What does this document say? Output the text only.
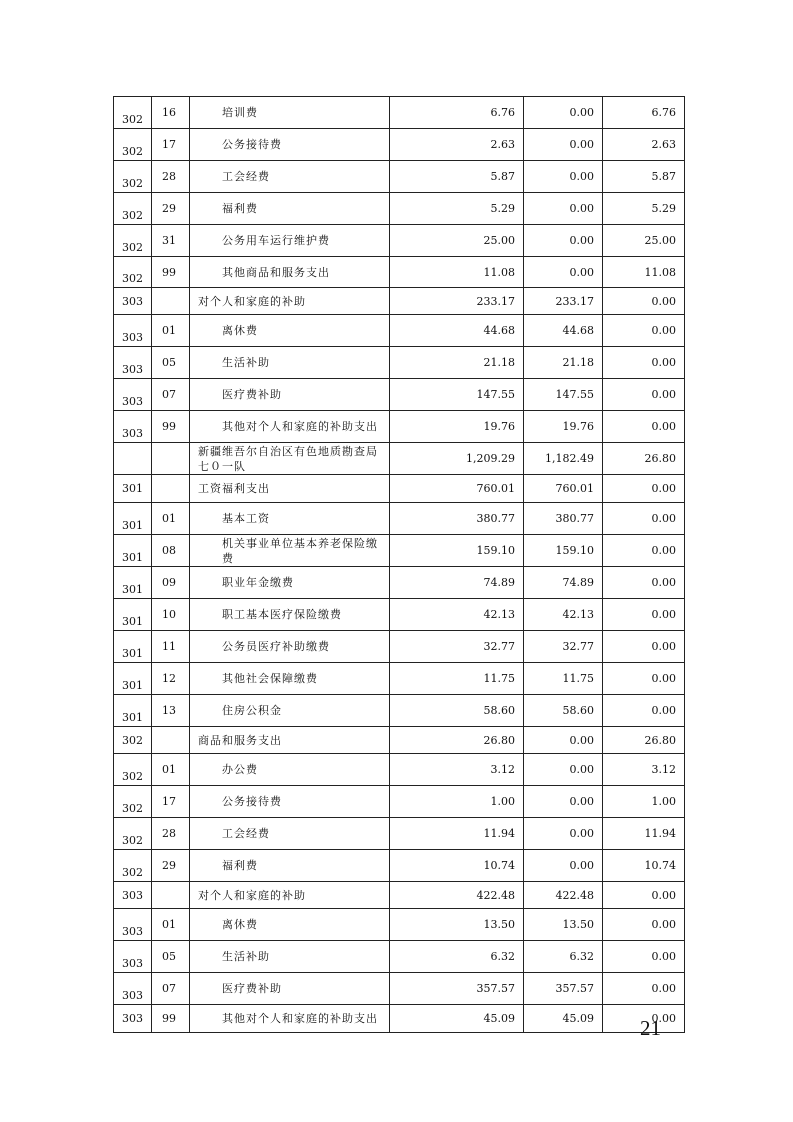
302	16	培训费	6.76	0.00	6.76
302	17	公务接待费	2.63	0.00	2.63
302	28	工会经费	5.87	0.00	5.87
302	29	福利费	5.29	0.00	5.29
302	31	公务用车运行维护费	25.00	0.00	25.00
302	99	其他商品和服务支出	11.08	0.00	11.08
303		对个人和家庭的补助	233.17	233.17	0.00
303	01	离休费	44.68	44.68	0.00
303	05	生活补助	21.18	21.18	0.00
303	07	医疗费补助	147.55	147.55	0.00
303	99	其他对个人和家庭的补助支出	19.76	19.76	0.00
		新疆维吾尔自治区有色地质勘查局七０一队	1,209.29	1,182.49	26.80
301		工资福利支出	760.01	760.01	0.00
301	01	基本工资	380.77	380.77	0.00
301	08	机关事业单位基本养老保险缴费	159.10	159.10	0.00
301	09	职业年金缴费	74.89	74.89	0.00
301	10	职工基本医疗保险缴费	42.13	42.13	0.00
301	11	公务员医疗补助缴费	32.77	32.77	0.00
301	12	其他社会保障缴费	11.75	11.75	0.00
301	13	住房公积金	58.60	58.60	0.00
302		商品和服务支出	26.80	0.00	26.80
302	01	办公费	3.12	0.00	3.12
302	17	公务接待费	1.00	0.00	1.00
302	28	工会经费	11.94	0.00	11.94
302	29	福利费	10.74	0.00	10.74
303		对个人和家庭的补助	422.48	422.48	0.00
303	01	离休费	13.50	13.50	0.00
303	05	生活补助	6.32	6.32	0.00
303	07	医疗费补助	357.57	357.57	0.00
303	99	其他对个人和家庭的补助支出	45.09	45.09	0.00
21
